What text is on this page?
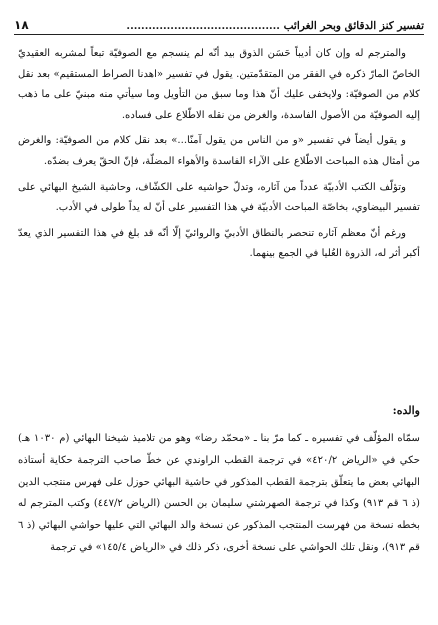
تفسير كنز الدقائق وبحر الغرائب ..........................................
١٨

والمترجم له وإن كان أديباً حَسَن الذوق بيد أنّه لم ينسجم مع الصوفيّة تبعاً لمشربه العقيديّ الخاصّ المارّ ذكره في الفقر من المتقدّمتين. يقول في تفسير «اهدنا الصراط المستقيم» بعد نقل كلام من الصوفيّة: ولايخفى عليك أنّ هذا وما سبق من التأويل وما سيأتي منه مبنيّ على ما ذهب إليه الصوفيّة من الأصول الفاسدة، والغرض من نقله الاطّلاع على فساده.

و يقول أيضاً في تفسير «و من الناس من يقول آمنّا...» بعد نقل كلام من الصوفيّة: والغرض من أمثال هذه المباحث الاطّلاع على الآراء الفاسدة والأهواء المضلّة، فإنّ الحقّ يعرف بضدّه.

وتؤلّف الكتب الأدبيّة عدداً من آثاره، وتدلّ حواشيه على الكشّاف، وحاشية الشيخ البهائي على تفسير البيضاوي، بخاصّة المباحث الأدبيّة في هذا التفسير على أنّ له يداً طولى في الأدب.

ورغم أنّ معظم آثاره تنحصر بالنطاق الأدبيّ والروائيّ إلّا أنّه قد بلغ في هذا التفسير الذي يعدّ أكبر أثر له، الذروة العُليا في الجمع بينهما.

والده:

سمّاه المؤلّف في تفسيره ـ كما مرّ بنا ـ «محمّد رضا» وهو من تلاميذ شيخنا البهائي (م ١٠٣٠ هـ) حكي في «الرياض ٤٢٠/٢» في ترجمة القطب الراوندي عن خطّ صاحب الترجمة حكاية أستاذه البهائي بعض ما يتعلّق بترجمة القطب المذكور في حاشية البهائي حوزل على فهرس منتجب الدين (ذ ٦ قم ٩١٣) وكذا في ترجمة الصهرشتي سليمان بن الحسن (الرياض ٤٤٧/٢) وكتب المترجم له بخطه نسخة من فهرست المنتجب المذكور عن نسخة والد البهائي التي عليها حواشي البهائي (ذ ٦ قم ٩١٣)، ونقل تلك الحواشي على نسخة أخرى، ذكر ذلك في «الرياض ١٤٥/٤» في ترجمة
